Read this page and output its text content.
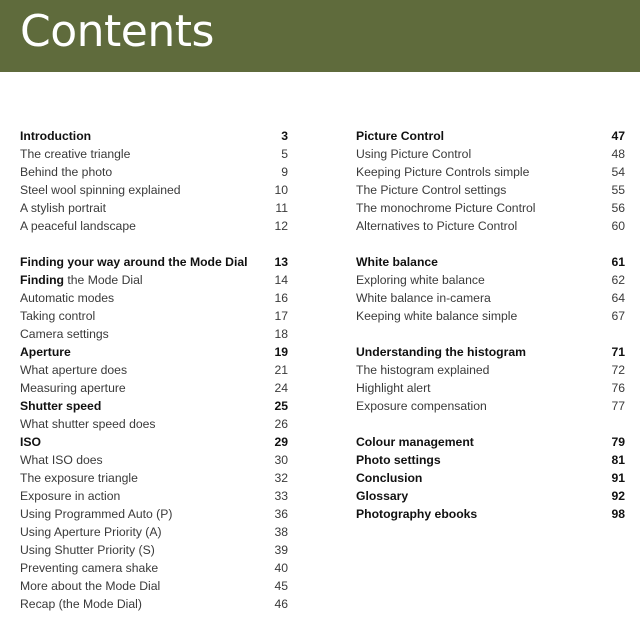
Contents
Introduction	3
The creative triangle	5
Behind the photo	9
Steel wool spinning explained	10
A stylish portrait	11
A peaceful landscape	12
Finding your way around the Mode Dial	13
Finding the Mode Dial	14
Automatic modes	16
Taking control	17
Camera settings	18
Aperture	19
What aperture does	21
Measuring aperture	24
Shutter speed	25
What shutter speed does	26
ISO	29
What ISO does	30
The exposure triangle	32
Exposure in action	33
Using Programmed Auto (P)	36
Using Aperture Priority (A)	38
Using Shutter Priority (S)	39
Preventing camera shake	40
More about the Mode Dial	45
Recap (the Mode Dial)	46
Picture Control	47
Using Picture Control	48
Keeping Picture Controls simple	54
The Picture Control settings	55
The monochrome Picture Control	56
Alternatives to Picture Control	60
White balance	61
Exploring white balance	62
White balance in-camera	64
Keeping white balance simple	67
Understanding the histogram	71
The histogram explained	72
Highlight alert	76
Exposure compensation	77
Colour management	79
Photo settings	81
Conclusion	91
Glossary	92
Photography ebooks	98
